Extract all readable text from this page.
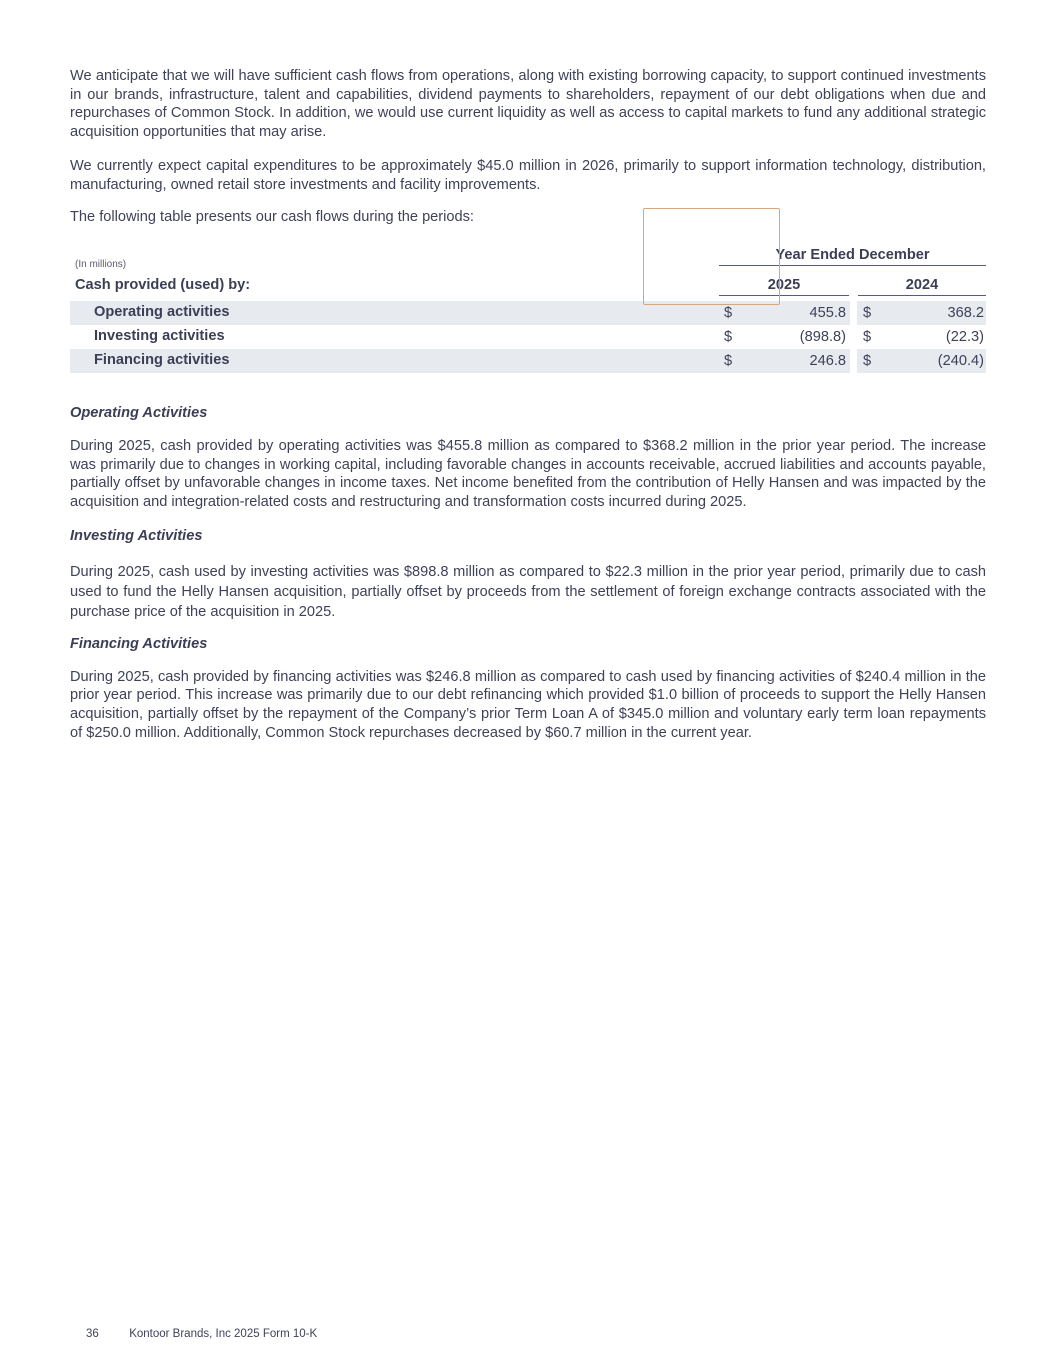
We anticipate that we will have sufficient cash flows from operations, along with existing borrowing capacity, to support continued investments in our brands, infrastructure, talent and capabilities, dividend payments to shareholders, repayment of our debt obligations when due and repurchases of Common Stock. In addition, we would use current liquidity as well as access to capital markets to fund any additional strategic acquisition opportunities that may arise.

We currently expect capital expenditures to be approximately $45.0 million in 2026, primarily to support information technology, distribution, manufacturing, owned retail store investments and facility improvements.

The following table presents our cash flows during the periods:

(In millions)
Year Ended December
Cash provided (used) by:	2025	2024
Operating activities	$	455.8 $	368.2
Investing activities	$	(898.8) $	(22.3)
Financing activities	$	246.8 $	(240.4)
Operating Activities

During 2025, cash provided by operating activities was $455.8 million as compared to $368.2 million in the prior year period. The increase was primarily due to changes in working capital, including favorable changes in accounts receivable, accrued liabilities and accounts payable, partially offset by unfavorable changes in income taxes. Net income benefited from the contribution of Helly Hansen and was impacted by the acquisition and integration-related costs and restructuring and transformation costs incurred during 2025.

Investing Activities

During 2025, cash used by investing activities was $898.8 million as compared to $22.3 million in the prior year period, primarily due to cash used to fund the Helly Hansen acquisition, partially offset by proceeds from the settlement of foreign exchange contracts associated with the purchase price of the acquisition in 2025.

Financing Activities

During 2025, cash provided by financing activities was $246.8 million as compared to cash used by financing activities of $240.4 million in the prior year period. This increase was primarily due to our debt refinancing which provided $1.0 billion of proceeds to support the Helly Hansen acquisition, partially offset by the repayment of the Company’s prior Term Loan A of $345.0 million and voluntary early term loan repayments of $250.0 million. Additionally, Common Stock repurchases decreased by $60.7 million in the current year.

36	Kontoor Brands, Inc 2025 Form 10-K
